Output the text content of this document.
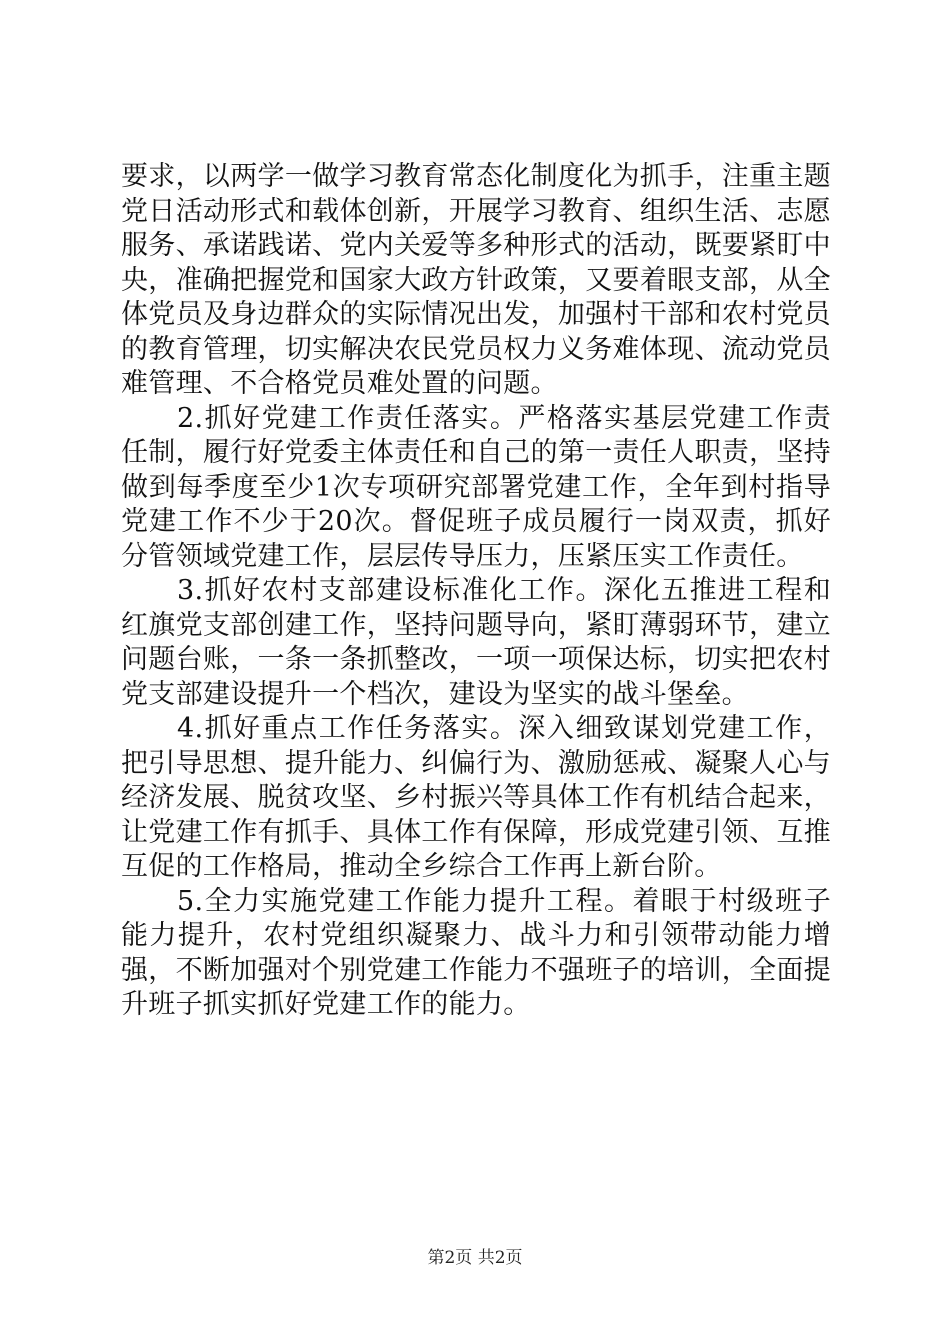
要求，以两学一做学习教育常态化制度化为抓手，注重主题党日活动形式和载体创新，开展学习教育、组织生活、志愿服务、承诺践诺、党内关爱等多种形式的活动，既要紧盯中央，准确把握党和国家大政方针政策，又要着眼支部，从全体党员及身边群众的实际情况出发，加强村干部和农村党员的教育管理，切实解决农民党员权力义务难体现、流动党员难管理、不合格党员难处置的问题。

2.抓好党建工作责任落实。严格落实基层党建工作责任制，履行好党委主体责任和自己的第一责任人职责，坚持做到每季度至少1次专项研究部署党建工作，全年到村指导党建工作不少于20次。督促班子成员履行一岗双责，抓好分管领域党建工作，层层传导压力，压紧压实工作责任。

3.抓好农村支部建设标准化工作。深化五推进工程和红旗党支部创建工作，坚持问题导向，紧盯薄弱环节，建立问题台账，一条一条抓整改，一项一项保达标，切实把农村党支部建设提升一个档次，建设为坚实的战斗堡垒。

4.抓好重点工作任务落实。深入细致谋划党建工作，把引导思想、提升能力、纠偏行为、激励惩戒、凝聚人心与经济发展、脱贫攻坚、乡村振兴等具体工作有机结合起来，让党建工作有抓手、具体工作有保障，形成党建引领、互推互促的工作格局，推动全乡综合工作再上新台阶。

5.全力实施党建工作能力提升工程。着眼于村级班子能力提升，农村党组织凝聚力、战斗力和引领带动能力增强，不断加强对个别党建工作能力不强班子的培训，全面提升班子抓实抓好党建工作的能力。

第2页 共2页
